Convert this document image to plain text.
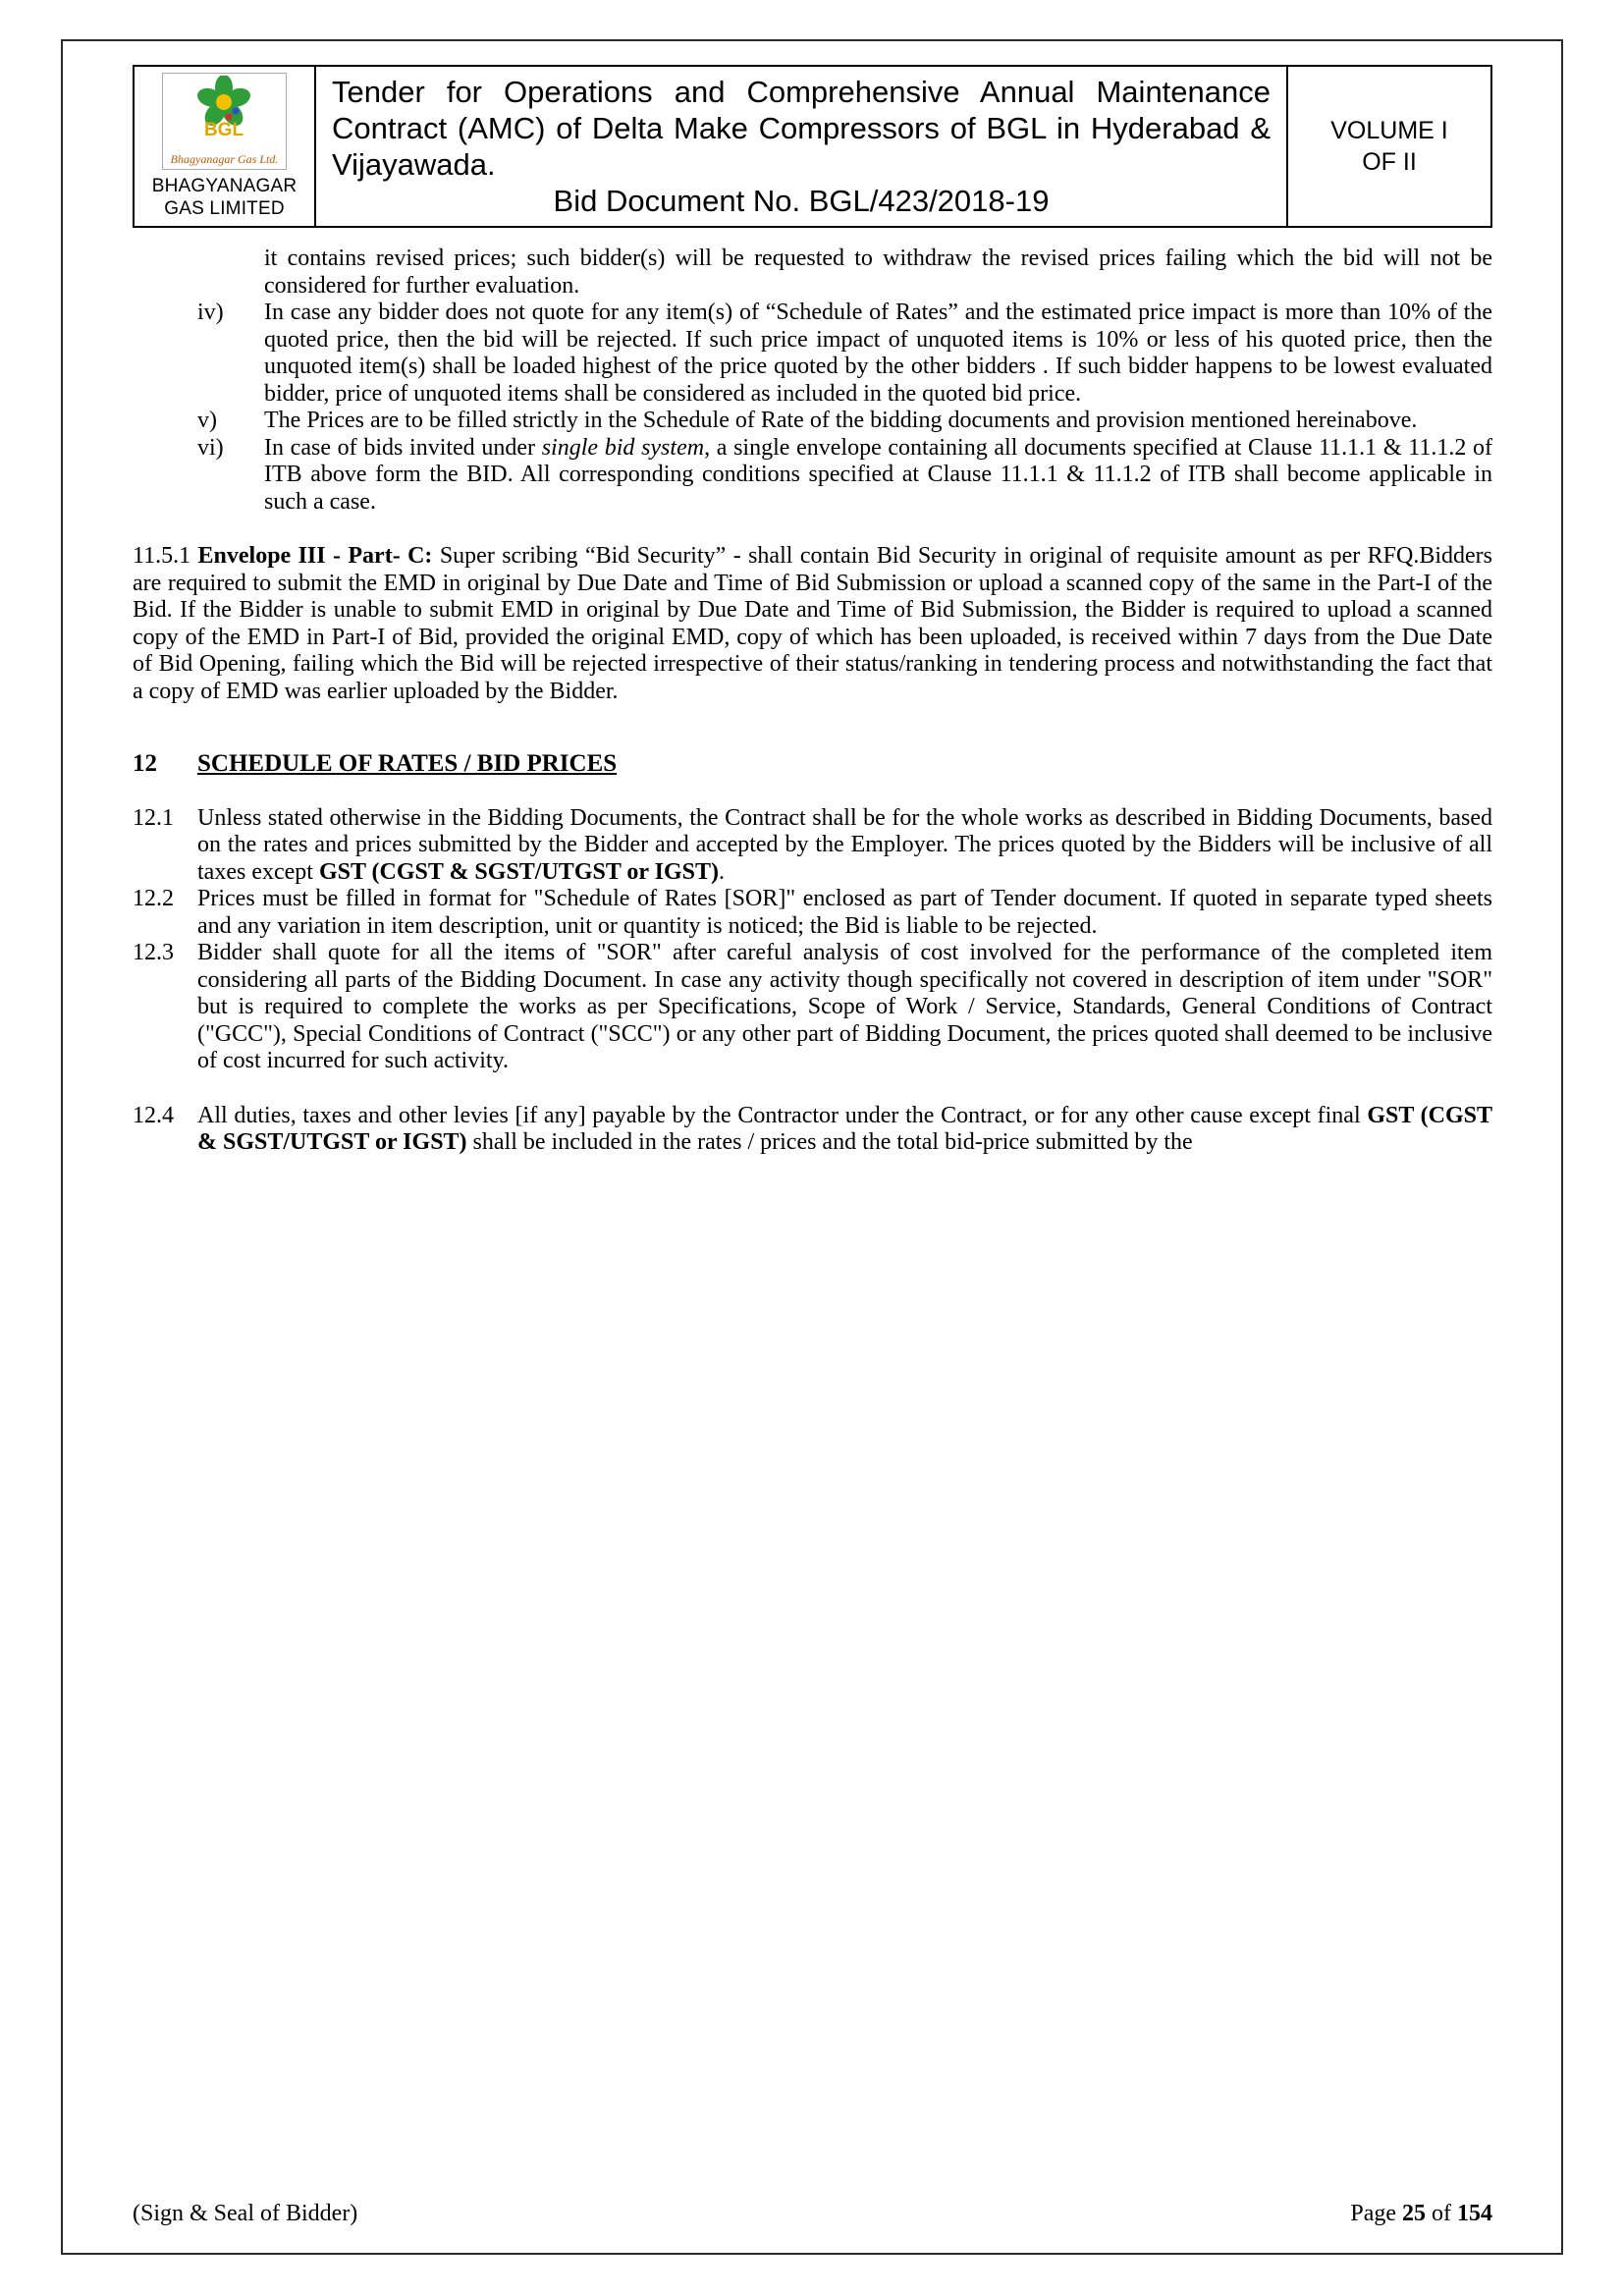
BGL
Bhagyanagar Gas Ltd.
BHAGYANAGAR GAS LIMITED

Tender for Operations and Comprehensive Annual Maintenance Contract (AMC) of Delta Make Compressors of BGL in Hyderabad & Vijayawada.
Bid Document No. BGL/423/2018-19

VOLUME I
OF II
it contains revised prices; such bidder(s) will be requested to withdraw the revised prices failing which the bid will not be considered for further evaluation.
iv) In case any bidder does not quote for any item(s) of “Schedule of Rates” and the estimated price impact is more than 10% of the quoted price, then the bid will be rejected. If such price impact of unquoted items is 10% or less of his quoted price, then the unquoted item(s) shall be loaded highest of the price quoted by the other bidders . If such bidder happens to be lowest evaluated bidder, price of unquoted items shall be considered as included in the quoted bid price.
v) The Prices are to be filled strictly in the Schedule of Rate of the bidding documents and provision mentioned hereinabove.
vi) In case of bids invited under single bid system, a single envelope containing all documents specified at Clause 11.1.1 & 11.1.2 of ITB above form the BID. All corresponding conditions specified at Clause 11.1.1 & 11.1.2 of ITB shall become applicable in such a case.
11.5.1 Envelope III - Part- C: Super scribing “Bid Security” - shall contain Bid Security in original of requisite amount as per RFQ.Bidders are required to submit the EMD in original by Due Date and Time of Bid Submission or upload a scanned copy of the same in the Part-I of the Bid. If the Bidder is unable to submit EMD in original by Due Date and Time of Bid Submission, the Bidder is required to upload a scanned copy of the EMD in Part-I of Bid, provided the original EMD, copy of which has been uploaded, is received within 7 days from the Due Date of Bid Opening, failing which the Bid will be rejected irrespective of their status/ranking in tendering process and notwithstanding the fact that a copy of EMD was earlier uploaded by the Bidder.
12 SCHEDULE OF RATES / BID PRICES
12.1 Unless stated otherwise in the Bidding Documents, the Contract shall be for the whole works as described in Bidding Documents, based on the rates and prices submitted by the Bidder and accepted by the Employer. The prices quoted by the Bidders will be inclusive of all taxes except GST (CGST & SGST/UTGST or IGST).
12.2 Prices must be filled in format for "Schedule of Rates [SOR]" enclosed as part of Tender document. If quoted in separate typed sheets and any variation in item description, unit or quantity is noticed; the Bid is liable to be rejected.
12.3 Bidder shall quote for all the items of "SOR" after careful analysis of cost involved for the performance of the completed item considering all parts of the Bidding Document. In case any activity though specifically not covered in description of item under "SOR" but is required to complete the works as per Specifications, Scope of Work / Service, Standards, General Conditions of Contract ("GCC"), Special Conditions of Contract ("SCC") or any other part of Bidding Document, the prices quoted shall deemed to be inclusive of cost incurred for such activity.
12.4 All duties, taxes and other levies [if any] payable by the Contractor under the Contract, or for any other cause except final GST (CGST & SGST/UTGST or IGST) shall be included in the rates / prices and the total bid-price submitted by the
(Sign & Seal of Bidder)	Page 25 of 154
